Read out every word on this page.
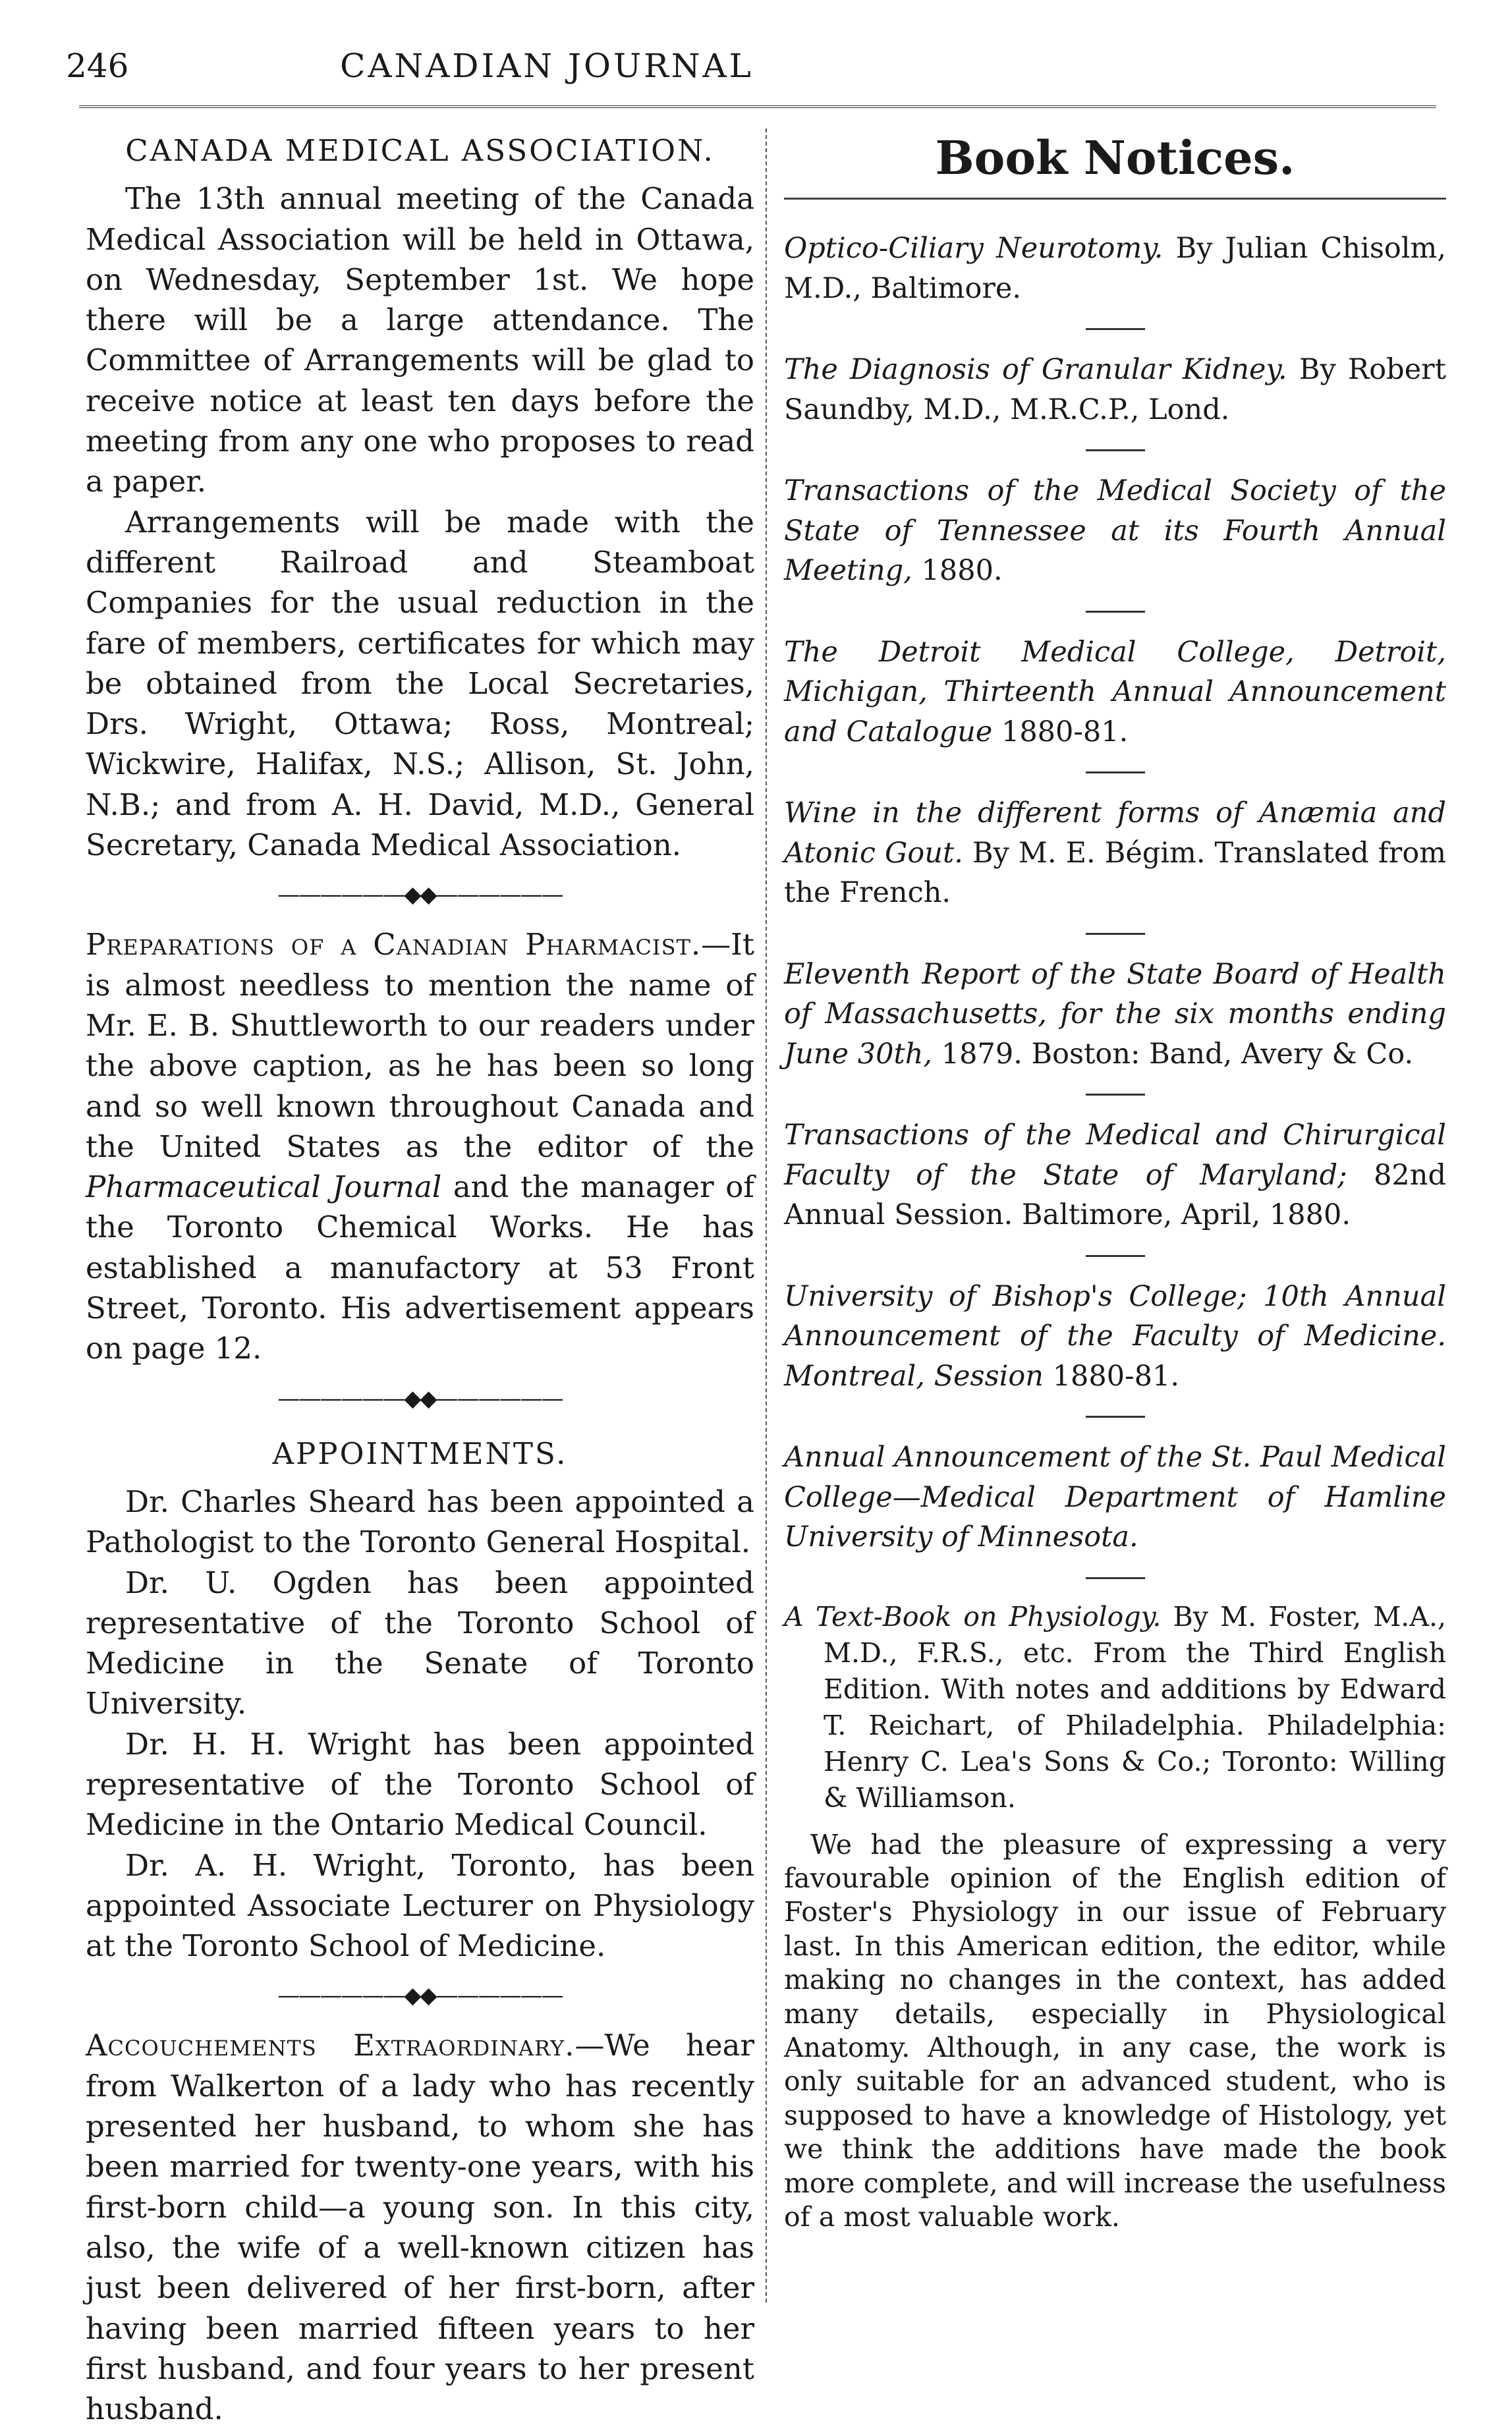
246	CANADIAN JOURNAL
CANADA MEDICAL ASSOCIATION.

The 13th annual meeting of the Canada Medical Association will be held in Ottawa, on Wednesday, September 1st. We hope there will be a large attendance. The Committee of Arrangements will be glad to receive notice at least ten days before the meeting from any one who proposes to read a paper.

Arrangements will be made with the different Railroad and Steamboat Companies for the usual reduction in the fare of members, certificates for which may be obtained from the Local Secretaries, Drs. Wright, Ottawa; Ross, Montreal; Wickwire, Halifax, N.S.; Allison, St. John, N.B.; and from A. H. David, M.D., General Secretary, Canada Medical Association.

——————◆◆——————

Preparations of a Canadian Pharmacist.—It is almost needless to mention the name of Mr. E. B. Shuttleworth to our readers under the above caption, as he has been so long and so well known throughout Canada and the United States as the editor of the Pharmaceutical Journal and the manager of the Toronto Chemical Works. He has established a manufactory at 53 Front Street, Toronto. His advertisement appears on page 12.

——————◆◆——————
APPOINTMENTS.

Dr. Charles Sheard has been appointed a Pathologist to the Toronto General Hospital.

Dr. U. Ogden has been appointed representative of the Toronto School of Medicine in the Senate of Toronto University.

Dr. H. H. Wright has been appointed representative of the Toronto School of Medicine in the Ontario Medical Council.

Dr. A. H. Wright, Toronto, has been appointed Associate Lecturer on Physiology at the Toronto School of Medicine.

——————◆◆——————

Accouchements Extraordinary.—We hear from Walkerton of a lady who has recently presented her husband, to whom she has been married for twenty-one years, with his first-born child—a young son. In this city, also, the wife of a well-known citizen has just been delivered of her first-born, after having been married fifteen years to her first husband, and four years to her present husband.

Book Notices.

Optico-Ciliary Neurotomy. By Julian Chisolm, M.D., Baltimore.

The Diagnosis of Granular Kidney. By Robert Saundby, M.D., M.R.C.P., Lond.

Transactions of the Medical Society of the State of Tennessee at its Fourth Annual Meeting, 1880.

The Detroit Medical College, Detroit, Michigan, Thirteenth Annual Announcement and Catalogue 1880-81.

Wine in the different forms of Anæmia and Atonic Gout. By M. E. Bégim. Translated from the French.

Eleventh Report of the State Board of Health of Massachusetts, for the six months ending June 30th, 1879. Boston: Band, Avery & Co.

Transactions of the Medical and Chirurgical Faculty of the State of Maryland; 82nd Annual Session. Baltimore, April, 1880.

University of Bishop's College; 10th Annual Announcement of the Faculty of Medicine. Montreal, Session 1880-81.

Annual Announcement of the St. Paul Medical College—Medical Department of Hamline University of Minnesota.

A Text-Book on Physiology. By M. Foster, M.A., M.D., F.R.S., etc. From the Third English Edition. With notes and additions by Edward T. Reichart, of Philadelphia. Philadelphia: Henry C. Lea's Sons & Co.; Toronto: Willing & Williamson.

We had the pleasure of expressing a very favourable opinion of the English edition of Foster's Physiology in our issue of February last. In this American edition, the editor, while making no changes in the context, has added many details, especially in Physiological Anatomy. Although, in any case, the work is only suitable for an advanced student, who is supposed to have a knowledge of Histology, yet we think the additions have made the book more complete, and will increase the usefulness of a most valuable work.
